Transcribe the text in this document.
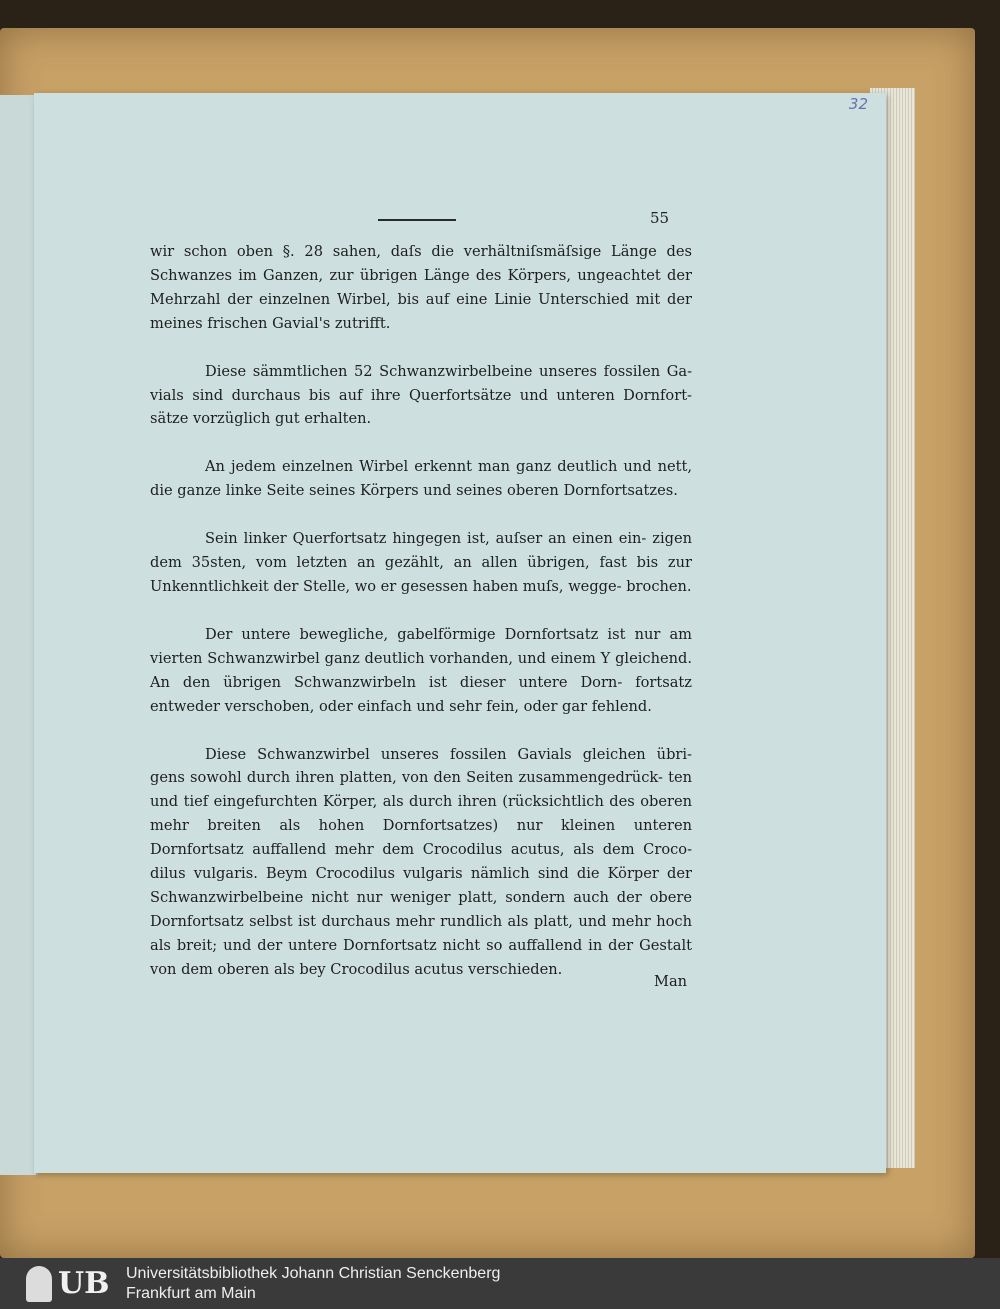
32
55

wir schon oben §. 28 sahen, daſs die verhältniſsmäſsige Länge des Schwanzes im Ganzen, zur übrigen Länge des Körpers, ungeachtet der Mehrzahl der einzelnen Wirbel, bis auf eine Linie Unterschied mit der meines frischen Gavial's zutrifft.

Diese sämmtlichen 52 Schwanzwirbelbeine unseres fossilen Ga- vials sind durchaus bis auf ihre Querfortsätze und unteren Dornfort- sätze vorzüglich gut erhalten.

An jedem einzelnen Wirbel erkennt man ganz deutlich und nett, die ganze linke Seite seines Körpers und seines oberen Dornfortsatzes.

Sein linker Querfortsatz hingegen ist, auſser an einen ein- zigen dem 35sten, vom letzten an gezählt, an allen übrigen, fast bis zur Unkenntlichkeit der Stelle, wo er gesessen haben muſs, wegge- brochen.

Der untere bewegliche, gabelförmige Dornfortsatz ist nur am vierten Schwanzwirbel ganz deutlich vorhanden, und einem Y gleichend. An den übrigen Schwanzwirbeln ist dieser untere Dorn- fortsatz entweder verschoben, oder einfach und sehr fein, oder gar fehlend.

Diese Schwanzwirbel unseres fossilen Gavials gleichen übri- gens sowohl durch ihren platten, von den Seiten zusammengedrück- ten und tief eingefurchten Körper, als durch ihren (rücksichtlich des oberen mehr breiten als hohen Dornfortsatzes) nur kleinen unteren Dornfortsatz auffallend mehr dem Crocodilus acutus, als dem Croco- dilus vulgaris. Beym Crocodilus vulgaris nämlich sind die Körper der Schwanzwirbelbeine nicht nur weniger platt, sondern auch der obere Dornfortsatz selbst ist durchaus mehr rundlich als platt, und mehr hoch als breit; und der untere Dornfortsatz nicht so auffallend in der Gestalt von dem oberen als bey Crocodilus acutus verschieden.

Man
UB Universitätsbibliothek Johann Christian Senckenberg
Frankfurt am Main
